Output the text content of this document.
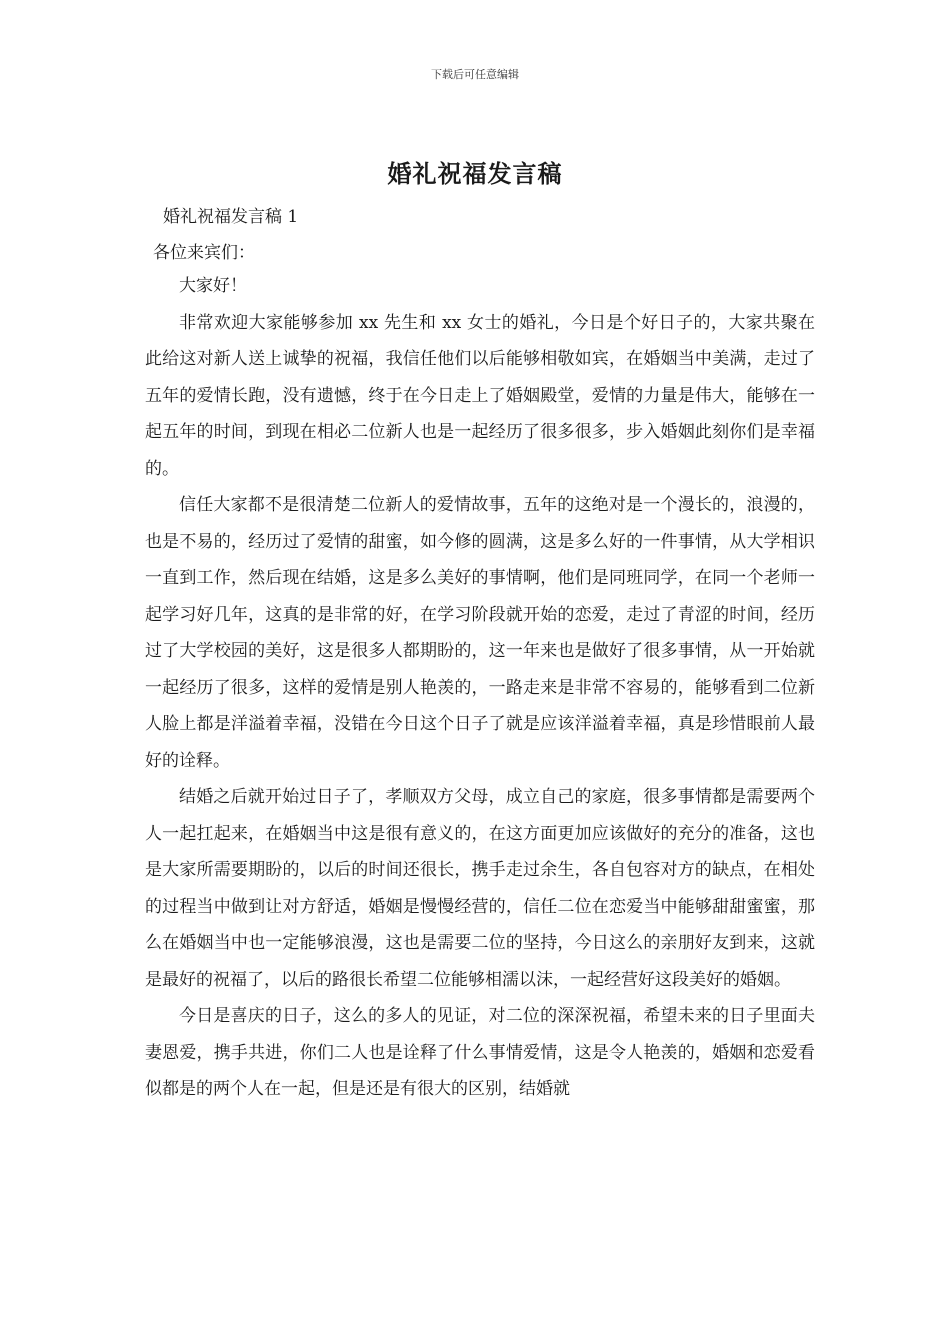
下载后可任意编辑
婚礼祝福发言稿
婚礼祝福发言稿 1
各位来宾们：

大家好！

非常欢迎大家能够参加 xx 先生和 xx 女士的婚礼，今日是个好日子的，大家共聚在此给这对新人送上诚挚的祝福，我信任他们以后能够相敬如宾，在婚姻当中美满，走过了五年的爱情长跑，没有遗憾，终于在今日走上了婚姻殿堂，爱情的力量是伟大，能够在一起五年的时间，到现在相必二位新人也是一起经历了很多很多，步入婚姻此刻你们是幸福的。

信任大家都不是很清楚二位新人的爱情故事，五年的这绝对是一个漫长的，浪漫的，也是不易的，经历过了爱情的甜蜜，如今修的圆满，这是多么好的一件事情，从大学相识一直到工作，然后现在结婚，这是多么美好的事情啊，他们是同班同学，在同一个老师一起学习好几年，这真的是非常的好，在学习阶段就开始的恋爱，走过了青涩的时间，经历过了大学校园的美好，这是很多人都期盼的，这一年来也是做好了很多事情，从一开始就一起经历了很多，这样的爱情是别人艳羡的，一路走来是非常不容易的，能够看到二位新人脸上都是洋溢着幸福，没错在今日这个日子了就是应该洋溢着幸福，真是珍惜眼前人最好的诠释。

结婚之后就开始过日子了，孝顺双方父母，成立自己的家庭，很多事情都是需要两个人一起扛起来，在婚姻当中这是很有意义的，在这方面更加应该做好的充分的准备，这也是大家所需要期盼的，以后的时间还很长，携手走过余生，各自包容对方的缺点，在相处的过程当中做到让对方舒适，婚姻是慢慢经营的，信任二位在恋爱当中能够甜甜蜜蜜，那么在婚姻当中也一定能够浪漫，这也是需要二位的坚持，今日这么的亲朋好友到来，这就是最好的祝福了，以后的路很长希望二位能够相濡以沫，一起经营好这段美好的婚姻。

今日是喜庆的日子，这么的多人的见证，对二位的深深祝福，希望未来的日子里面夫妻恩爱，携手共进，你们二人也是诠释了什么事情爱情，这是令人艳羡的，婚姻和恋爱看似都是的两个人在一起，但是还是有很大的区别，结婚就
